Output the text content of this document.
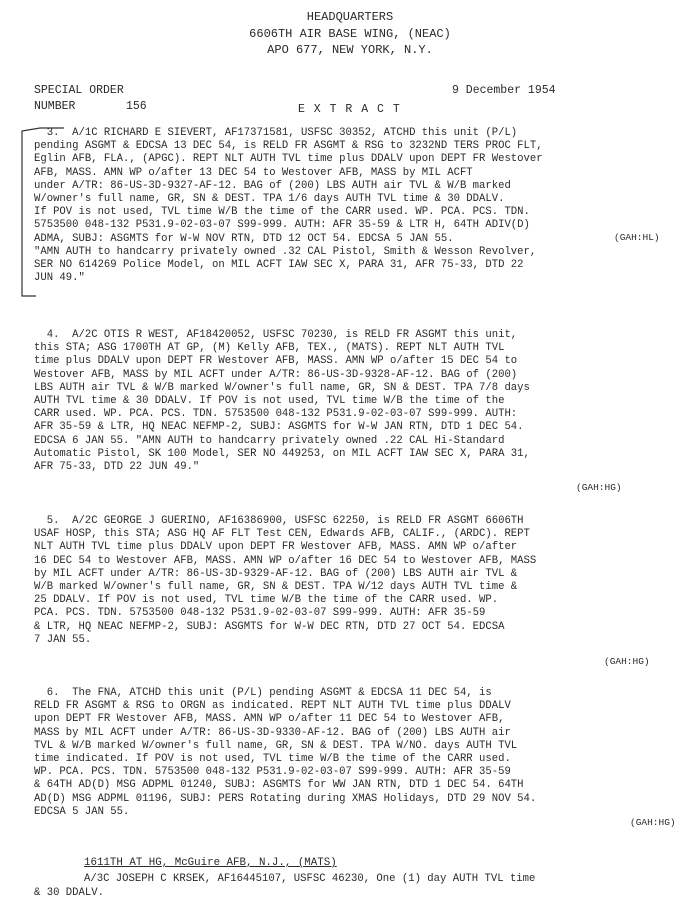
HEADQUARTERS
6606TH AIR BASE WING, (NEAC)
APO 677, NEW YORK, N.Y.
SPECIAL ORDER
NUMBER	156
9 December 1954
E X T R A C T
3.  A/1C RICHARD E SIEVERT, AF17371581, USFSC 30352, ATCHD this unit (P/L)
pending ASGMT & EDCSA 13 DEC 54, is RELD FR ASGMT & RSG to 3232ND TERS PROC FLT,
Eglin AFB, FLA., (APGC). REPT NLT AUTH TVL time plus DDALV upon DEPT FR Westover
AFB, MASS. AMN WP o/after 13 DEC 54 to Westover AFB, MASS by MIL ACFT
under A/TR: 86-US-3D-9327-AF-12. BAG of (200) LBS AUTH air TVL & W/B marked
W/owner's full name, GR, SN & DEST. TPA 1/6 days AUTH TVL time & 30 DDALV.
If POV is not used, TVL time W/B the time of the CARR used. WP. PCA. PCS. TDN.
5753500 048-132 P531.9-02-03-07 S99-999. AUTH: AFR 35-59 & LTR H, 64TH ADIV(D)
ADMA, SUBJ: ASGMTS for W-W NOV RTN, DTD 12 OCT 54. EDCSA 5 JAN 55.
"AMN AUTH to handcarry privately owned .32 CAL Pistol, Smith & Wesson Revolver,
SER NO 614269 Police Model, on MIL ACFT IAW SEC X, PARA 31, AFR 75-33, DTD 22
JUN 49."
(GAH:HL)
4.  A/2C OTIS R WEST, AF18420052, USFSC 70230, is RELD FR ASGMT this unit,
this STA; ASG 1700TH AT GP, (M) Kelly AFB, TEX., (MATS). REPT NLT AUTH TVL
time plus DDALV upon DEPT FR Westover AFB, MASS. AMN WP o/after 15 DEC 54 to
Westover AFB, MASS by MIL ACFT under A/TR: 86-US-3D-9328-AF-12. BAG of (200)
LBS AUTH air TVL & W/B marked W/owner's full name, GR, SN & DEST. TPA 7/8 days
AUTH TVL time & 30 DDALV. If POV is not used, TVL time W/B the time of the
CARR used. WP. PCA. PCS. TDN. 5753500 048-132 P531.9-02-03-07 S99-999. AUTH:
AFR 35-59 & LTR, HQ NEAC NEFMP-2, SUBJ: ASGMTS for W-W JAN RTN, DTD 1 DEC 54.
EDCSA 6 JAN 55. "AMN AUTH to handcarry privately owned .22 CAL Hi-Standard
Automatic Pistol, SK 100 Model, SER NO 449253, on MIL ACFT IAW SEC X, PARA 31,
AFR 75-33, DTD 22 JUN 49."
(GAH:HG)
5.  A/2C GEORGE J GUERINO, AF16386900, USFSC 62250, is RELD FR ASGMT 6606TH
USAF HOSP, this STA; ASG HQ AF FLT Test CEN, Edwards AFB, CALIF., (ARDC). REPT
NLT AUTH TVL time plus DDALV upon DEPT FR Westover AFB, MASS. AMN WP o/after
16 DEC 54 to Westover AFB, MASS. AMN WP o/after 16 DEC 54 to Westover AFB, MASS
by MIL ACFT under A/TR: 86-US-3D-9329-AF-12. BAG of (200) LBS AUTH air TVL &
W/B marked W/owner's full name, GR, SN & DEST. TPA W/12 days AUTH TVL time &
25 DDALV. If POV is not used, TVL time W/B the time of the CARR used. WP.
PCA. PCS. TDN. 5753500 048-132 P531.9-02-03-07 S99-999. AUTH: AFR 35-59
& LTR, HQ NEAC NEFMP-2, SUBJ: ASGMTS for W-W DEC RTN, DTD 27 OCT 54. EDCSA
7 JAN 55.
(GAH:HG)
6.  The FNA, ATCHD this unit (P/L) pending ASGMT & EDCSA 11 DEC 54, is
RELD FR ASGMT & RSG to ORGN as indicated. REPT NLT AUTH TVL time plus DDALV
upon DEPT FR Westover AFB, MASS. AMN WP o/after 11 DEC 54 to Westover AFB,
MASS by MIL ACFT under A/TR: 86-US-3D-9330-AF-12. BAG of (200) LBS AUTH air
TVL & W/B marked W/owner's full name, GR, SN & DEST. TPA W/NO. days AUTH TVL
time indicated. If POV is not used, TVL time W/B the time of the CARR used.
WP. PCA. PCS. TDN. 5753500 048-132 P531.9-02-03-07 S99-999. AUTH: AFR 35-59
& 64TH AD(D) MSG ADPML 01240, SUBJ: ASGMTS for WW JAN RTN, DTD 1 DEC 54. 64TH
AD(D) MSG ADPML 01196, SUBJ: PERS Rotating during XMAS Holidays, DTD 29 NOV 54.
EDCSA 5 JAN 55.
(GAH:HG)
1611TH AT HG, McGuire AFB, N.J., (MATS)
A/3C JOSEPH C KRSEK, AF16445107, USFSC 46230, One (1) day AUTH TVL time
& 30 DDALV.
